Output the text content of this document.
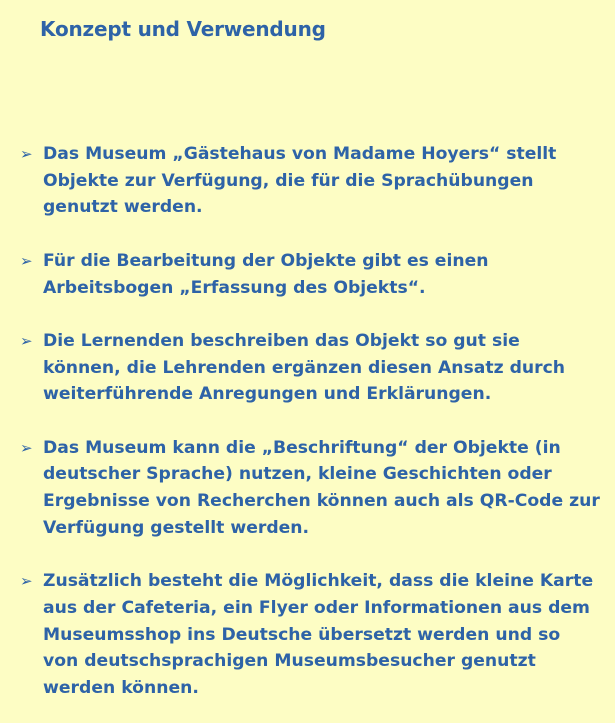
Konzept und Verwendung
➢ Das Museum „Gästehaus von Madame Hoyers“ stellt Objekte zur Verfügung, die für die Sprachübungen genutzt werden.
➢ Für die Bearbeitung der Objekte gibt es einen Arbeitsbogen „Erfassung des Objekts“.
➢ Die Lernenden beschreiben das Objekt so gut sie können, die Lehrenden ergänzen diesen Ansatz durch weiterführende Anregungen und Erklärungen.
➢ Das Museum kann die „Beschriftung“ der Objekte (in deutscher Sprache) nutzen, kleine Geschichten oder Ergebnisse von Recherchen können auch als QR-Code zur Verfügung gestellt werden.
➢ Zusätzlich besteht die Möglichkeit, dass die kleine Karte aus der Cafeteria, ein Flyer oder Informationen aus dem Museumsshop ins Deutsche übersetzt werden und so von deutschsprachigen Museumsbesucher genutzt werden können.
